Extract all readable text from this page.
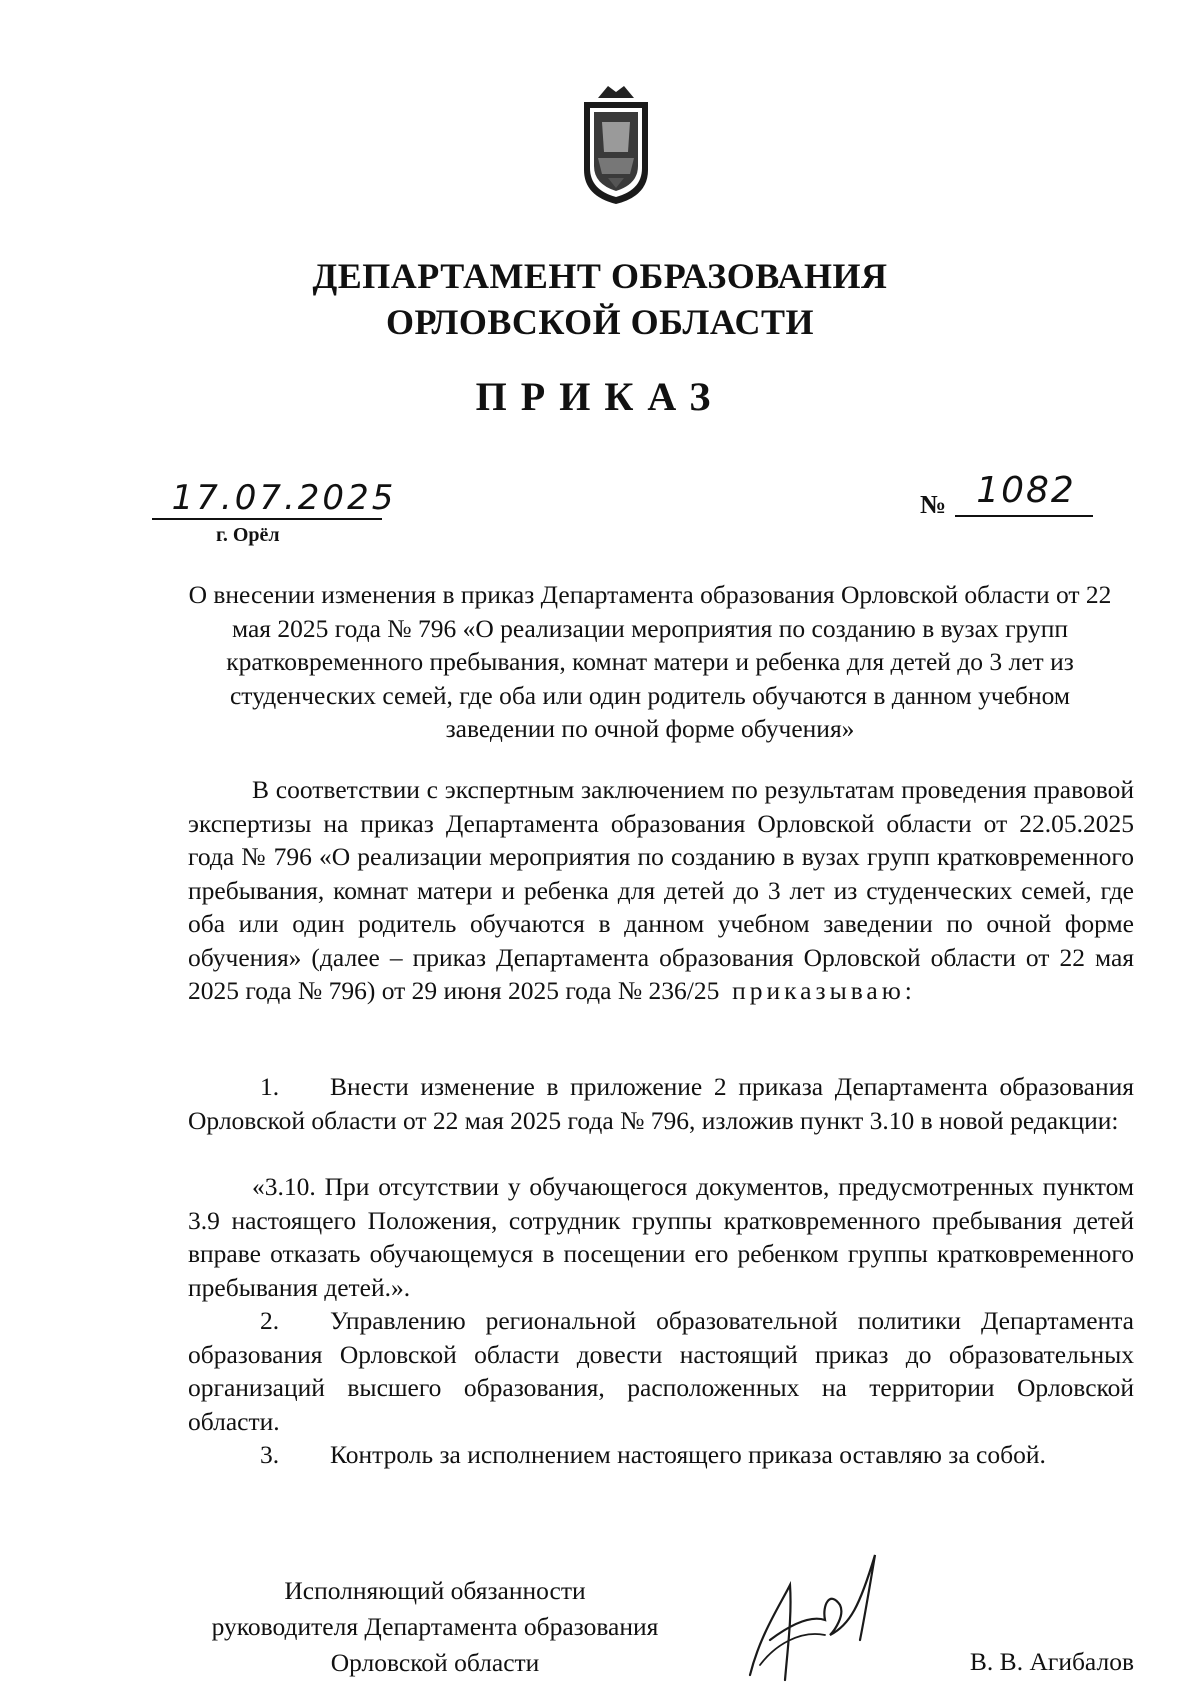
ДЕПАРТАМЕНТ ОБРАЗОВАНИЯ
ОРЛОВСКОЙ ОБЛАСТИ
ПРИКАЗ
17.07.2025
г. Орёл
№ 1082
О внесении изменения в приказ Департамента образования Орловской области от 22 мая 2025 года № 796 «О реализации мероприятия по созданию в вузах групп кратковременного пребывания, комнат матери и ребенка для детей до 3 лет из студенческих семей, где оба или один родитель обучаются в данном учебном заведении по очной форме обучения»
В соответствии с экспертным заключением по результатам проведения правовой экспертизы на приказ Департамента образования Орловской области от 22.05.2025 года № 796 «О реализации мероприятия по созданию в вузах групп кратковременного пребывания, комнат матери и ребенка для детей до 3 лет из студенческих семей, где оба или один родитель обучаются в данном учебном заведении по очной форме обучения» (далее – приказ Департамента образования Орловской области от 22 мая 2025 года № 796) от 29 июня 2025 года № 236/25 приказываю:
1.	Внести изменение в приложение 2 приказа Департамента образования Орловской области от 22 мая 2025 года № 796, изложив пункт 3.10 в новой редакции:
«3.10. При отсутствии у обучающегося документов, предусмотренных пунктом 3.9 настоящего Положения, сотрудник группы кратковременного пребывания детей вправе отказать обучающемуся в посещении его ребенком группы кратковременного пребывания детей.».
2.	Управлению региональной образовательной политики Департамента образования Орловской области довести настоящий приказ до образовательных организаций высшего образования, расположенных на территории Орловской области.
3.	Контроль за исполнением настоящего приказа оставляю за собой.
Исполняющий обязанности
руководителя Департамента образования
Орловской области	В. В. Агибалов
